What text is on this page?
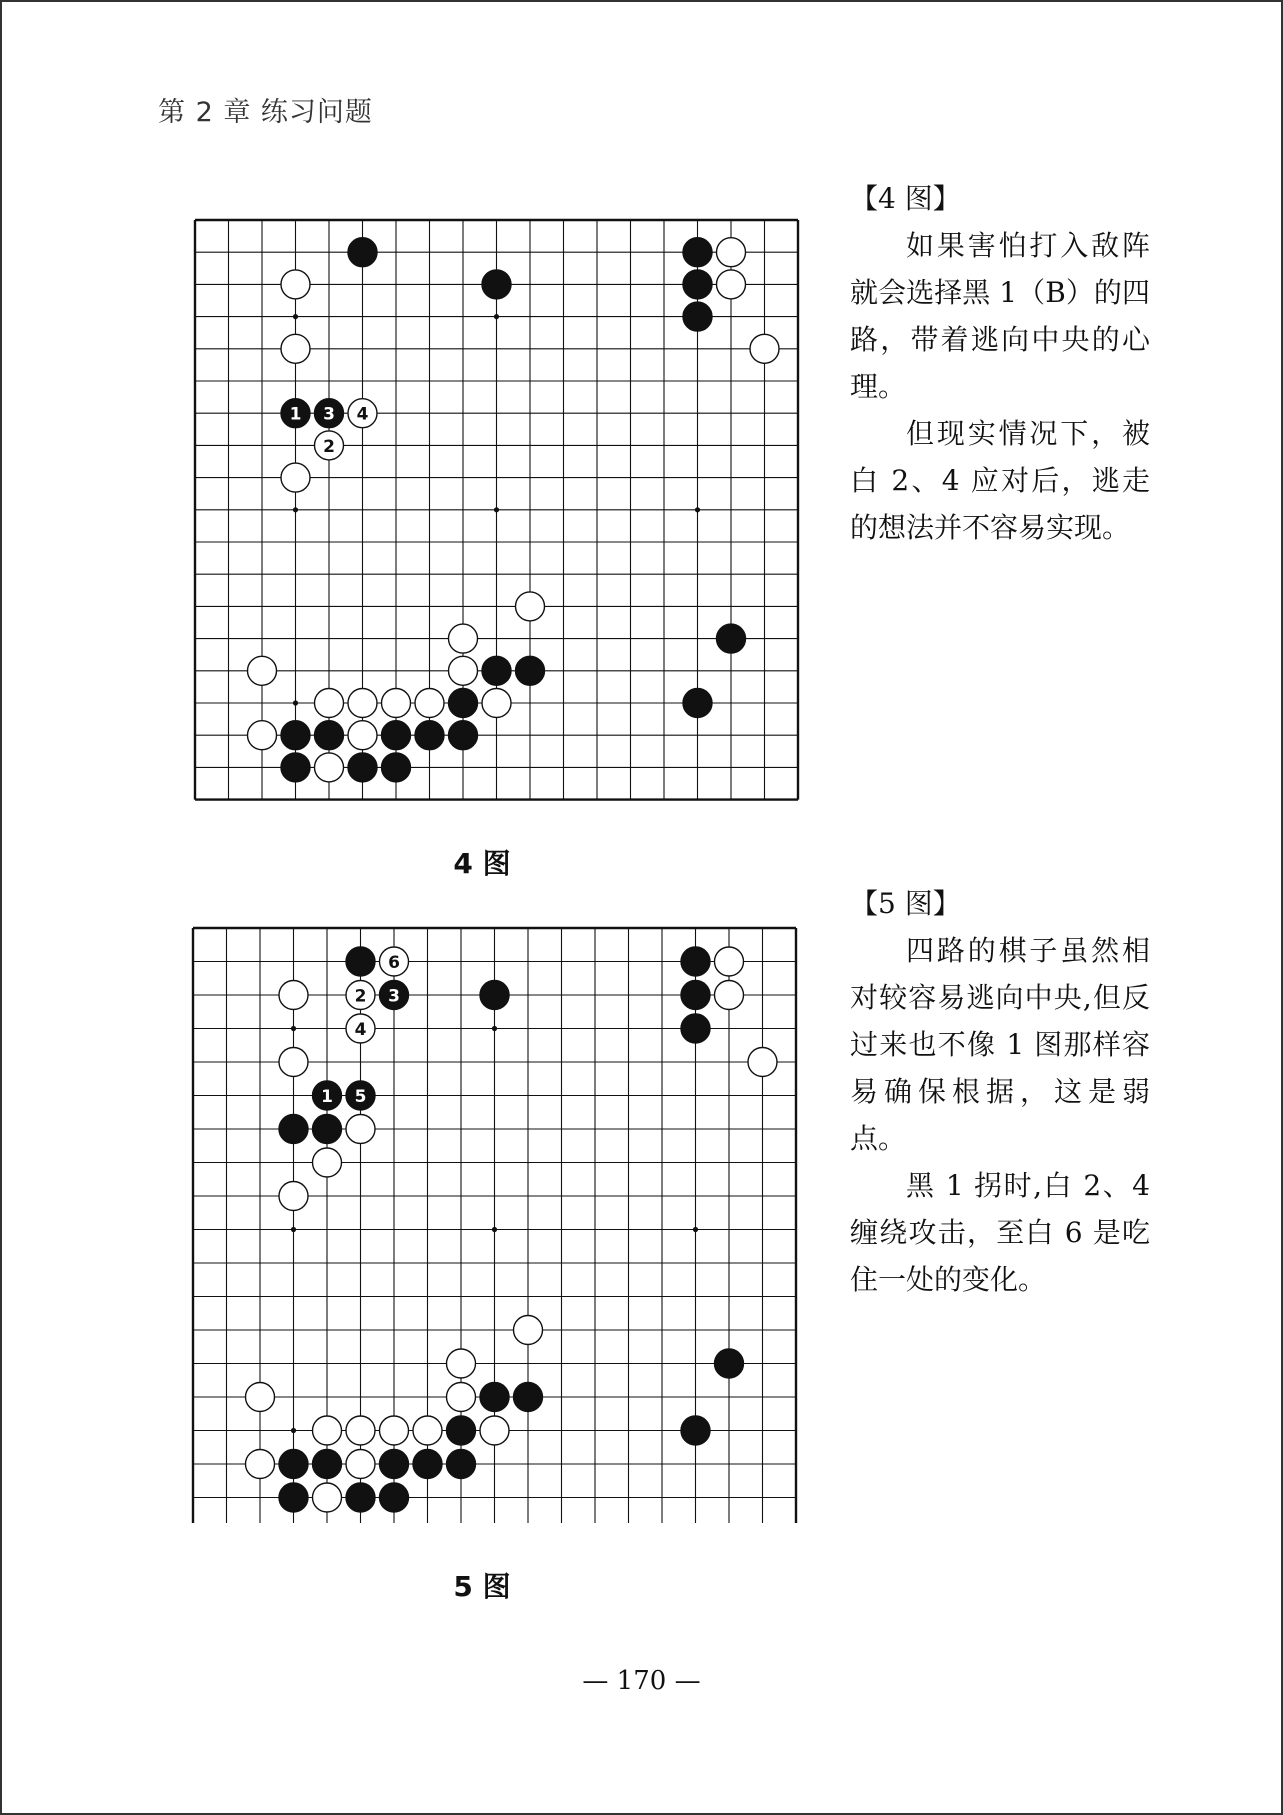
第 2 章 练习问题
1 3 4
2
4 图
【4 图】

如果害怕打入敌阵就会选择黑 1（B）的四路，带着逃向中央的心理。

但现实情况下，被白 2、4 应对后，逃走的想法并不容易实现。

6
2 3
4
1 5
5 图
【5 图】

四路的棋子虽然相对较容易逃向中央,但反过来也不像 1 图那样容易确保根据，这是弱点。

黑 1 拐时,白 2、4 缠绕攻击，至白 6 是吃住一处的变化。

— 170 —
